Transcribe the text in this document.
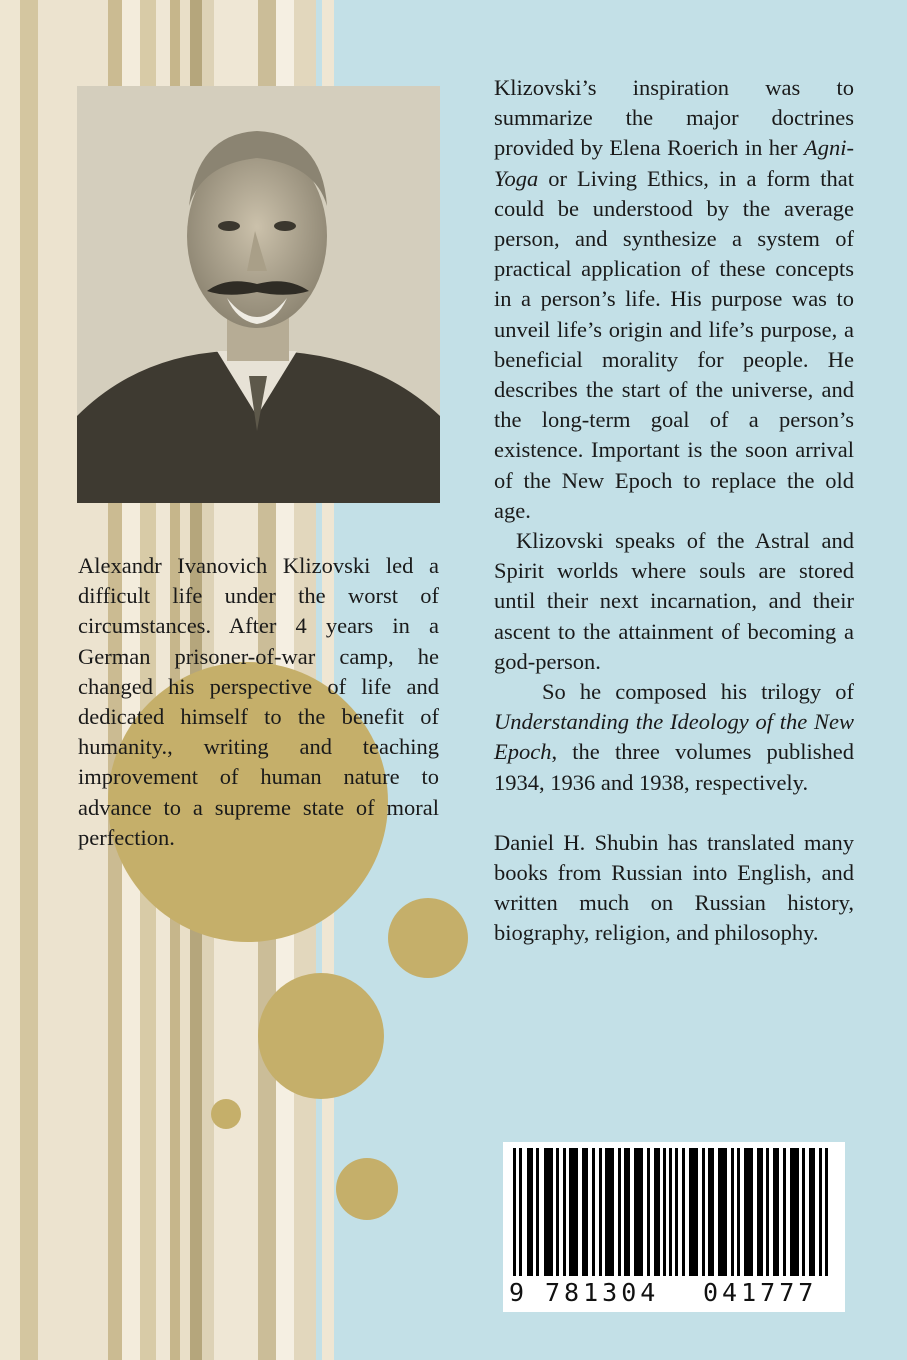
Alexandr Ivanovich Klizovski led a difficult life under the worst of circumstances. After 4 years in a German prisoner-of-war camp, he changed his perspective of life and dedicated himself to the benefit of humanity., writing and teaching improvement of human nature to advance to a supreme state of moral perfection.

Klizovski’s inspiration was to summarize the major doctrines provided by Elena Roerich in her Agni-Yoga or Living Ethics, in a form that could be understood by the average person, and synthesize a system of practical application of these concepts in a person’s life. His purpose was to unveil life’s origin and life’s purpose, a beneficial morality for people. He describes the start of the universe, and the long-term goal of a person’s existence. Important is the soon arrival of the New Epoch to replace the old age.

Klizovski speaks of the Astral and Spirit worlds where souls are stored until their next incarnation, and their ascent to the attainment of becoming a god-person.

So he composed his trilogy of Understanding the Ideology of the New Epoch, the three volumes published 1934, 1936 and 1938, respectively.

Daniel H. Shubin has translated many books from Russian into English, and written much on Russian history, biography, religion, and philosophy.

9 781304 041777
